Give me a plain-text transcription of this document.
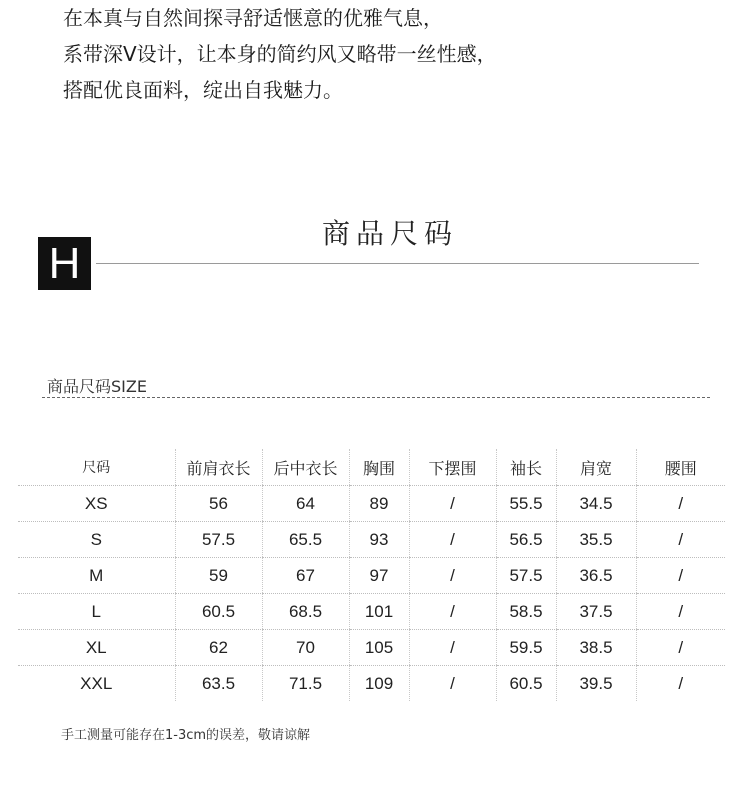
在本真与自然间探寻舒适惬意的优雅气息，
系带深V设计，让本身的简约风又略带一丝性感，
搭配优良面料，绽出自我魅力。
H
商品尺码
商品尺码SIZE
尺码	前肩衣长	后中衣长	胸围	下摆围	袖长	肩宽	腰围
XS	56	64	89	/	55.5	34.5	/
S	57.5	65.5	93	/	56.5	35.5	/
M	59	67	97	/	57.5	36.5	/
L	60.5	68.5	101	/	58.5	37.5	/
XL	62	70	105	/	59.5	38.5	/
XXL	63.5	71.5	109	/	60.5	39.5	/
手工测量可能存在1-3cm的误差，敬请谅解
